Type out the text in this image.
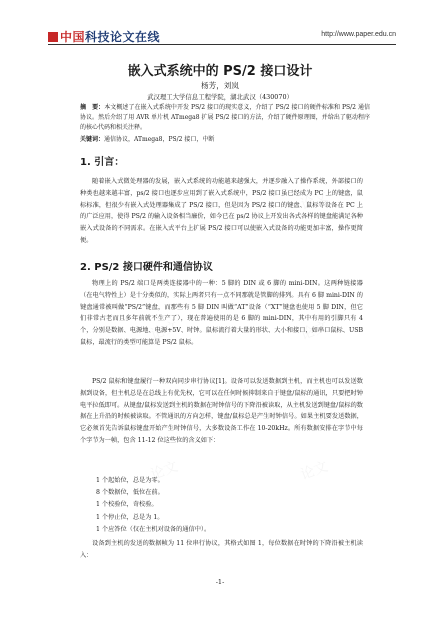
中国 科技论文在线	http://www.paper.edu.cn
嵌入式系统中的 PS/2 接口设计
杨芳，刘岚
武汉理工大学信息工程学院，湖北武汉（430070）
摘　要：本文概述了在嵌入式系统中开发 PS/2 接口的现实意义，介绍了 PS/2 接口的硬件标准和 PS/2 通信协议。然后介绍了用 AVR 单片机 ATmega8 扩展 PS/2 接口的方法，介绍了硬件原理图，并给出了驱动程序的核心代码和相关注释。
关键词：通信协议，ATmega8，PS/2 接口，中断
1. 引言：

随着嵌入式微处理器的发展，嵌入式系统的功能越来越强大，并逐步融入了操作系统，外部接口的种类也越来越丰富，ps/2 接口也逐步应用到了嵌入式系统中，PS/2 接口虽已经成为 PC 上的键盘，鼠标标准，但很少有嵌入式处理器集成了 PS/2 接口，但是因为 PS/2 接口的键盘、鼠标等设备在 PC 上的广泛应用，使得 PS/2 的输入设备相当廉价，如今已在 ps/2 协议上开发出各式各样的键盘能满足各种嵌入式设备的不同需求。在嵌入式平台上扩展 PS/2 接口可以使嵌入式设备的功能更加丰富，操作更简便。

2. PS/2 接口硬件和通信协议

物理上的 PS/2 端口是两类连接器中的一种：5 脚的 DIN 或 6 脚的 mini-DIN。这两种链接器（在电气特性上）是十分类似的，实际上两者只有一点不同那就是管脚的排列。具有 6 脚 mini-DIN 的键盘通常被叫做“PS/2”键盘，而那些有 5 脚 DIN 叫做“AT”设备（“XT”键盘也使用 5 脚 DIN，但它们非常古老而且多年前就不生产了），现在普遍使用的是 6 脚的 mini-DIN，其中有用的引脚只有 4 个，分别是数据、电源地、电源+5V、时钟。鼠标流行着大量的形状、大小和接口，如串口鼠标、USB 鼠标，最流行的类型可能算是 PS/2 鼠标。

PS/2 鼠标和键盘履行一种双向同步串行协议[1]。设备可以发送数据到主机，而主机也可以发送数据到设备，但主机总是在总线上有优先权，它可以在任何时候抑制来自于键盘/鼠标的通讯，只要把时钟电平拉低即可。从键盘/鼠标发送到主机的数据在时钟信号的下降沿被读取，从主机发送到键盘/鼠标的数据在上升沿的时候被读取。不管通讯的方向怎样，键盘/鼠标总是产生时钟信号。如果主机要发送数据，它必须首先告诉鼠标键盘开始产生时钟信号，大多数设备工作在 10-20kHz。所有数据安排在字节中每个字节为一帧，包含 11-12 位这些位的含义如下：

1 个起始位，总是为零。
8 个数据位，低位在前。
1 个校验位，奇校验。
1 个停止位，总是为 1。
1 个应答位（仅在主机对设备的通信中）。

设备到主机的发送的数据帧为 11 位串行协议，其格式如图 1，每位数据在时钟的下降沿被主机读入：

-1-
